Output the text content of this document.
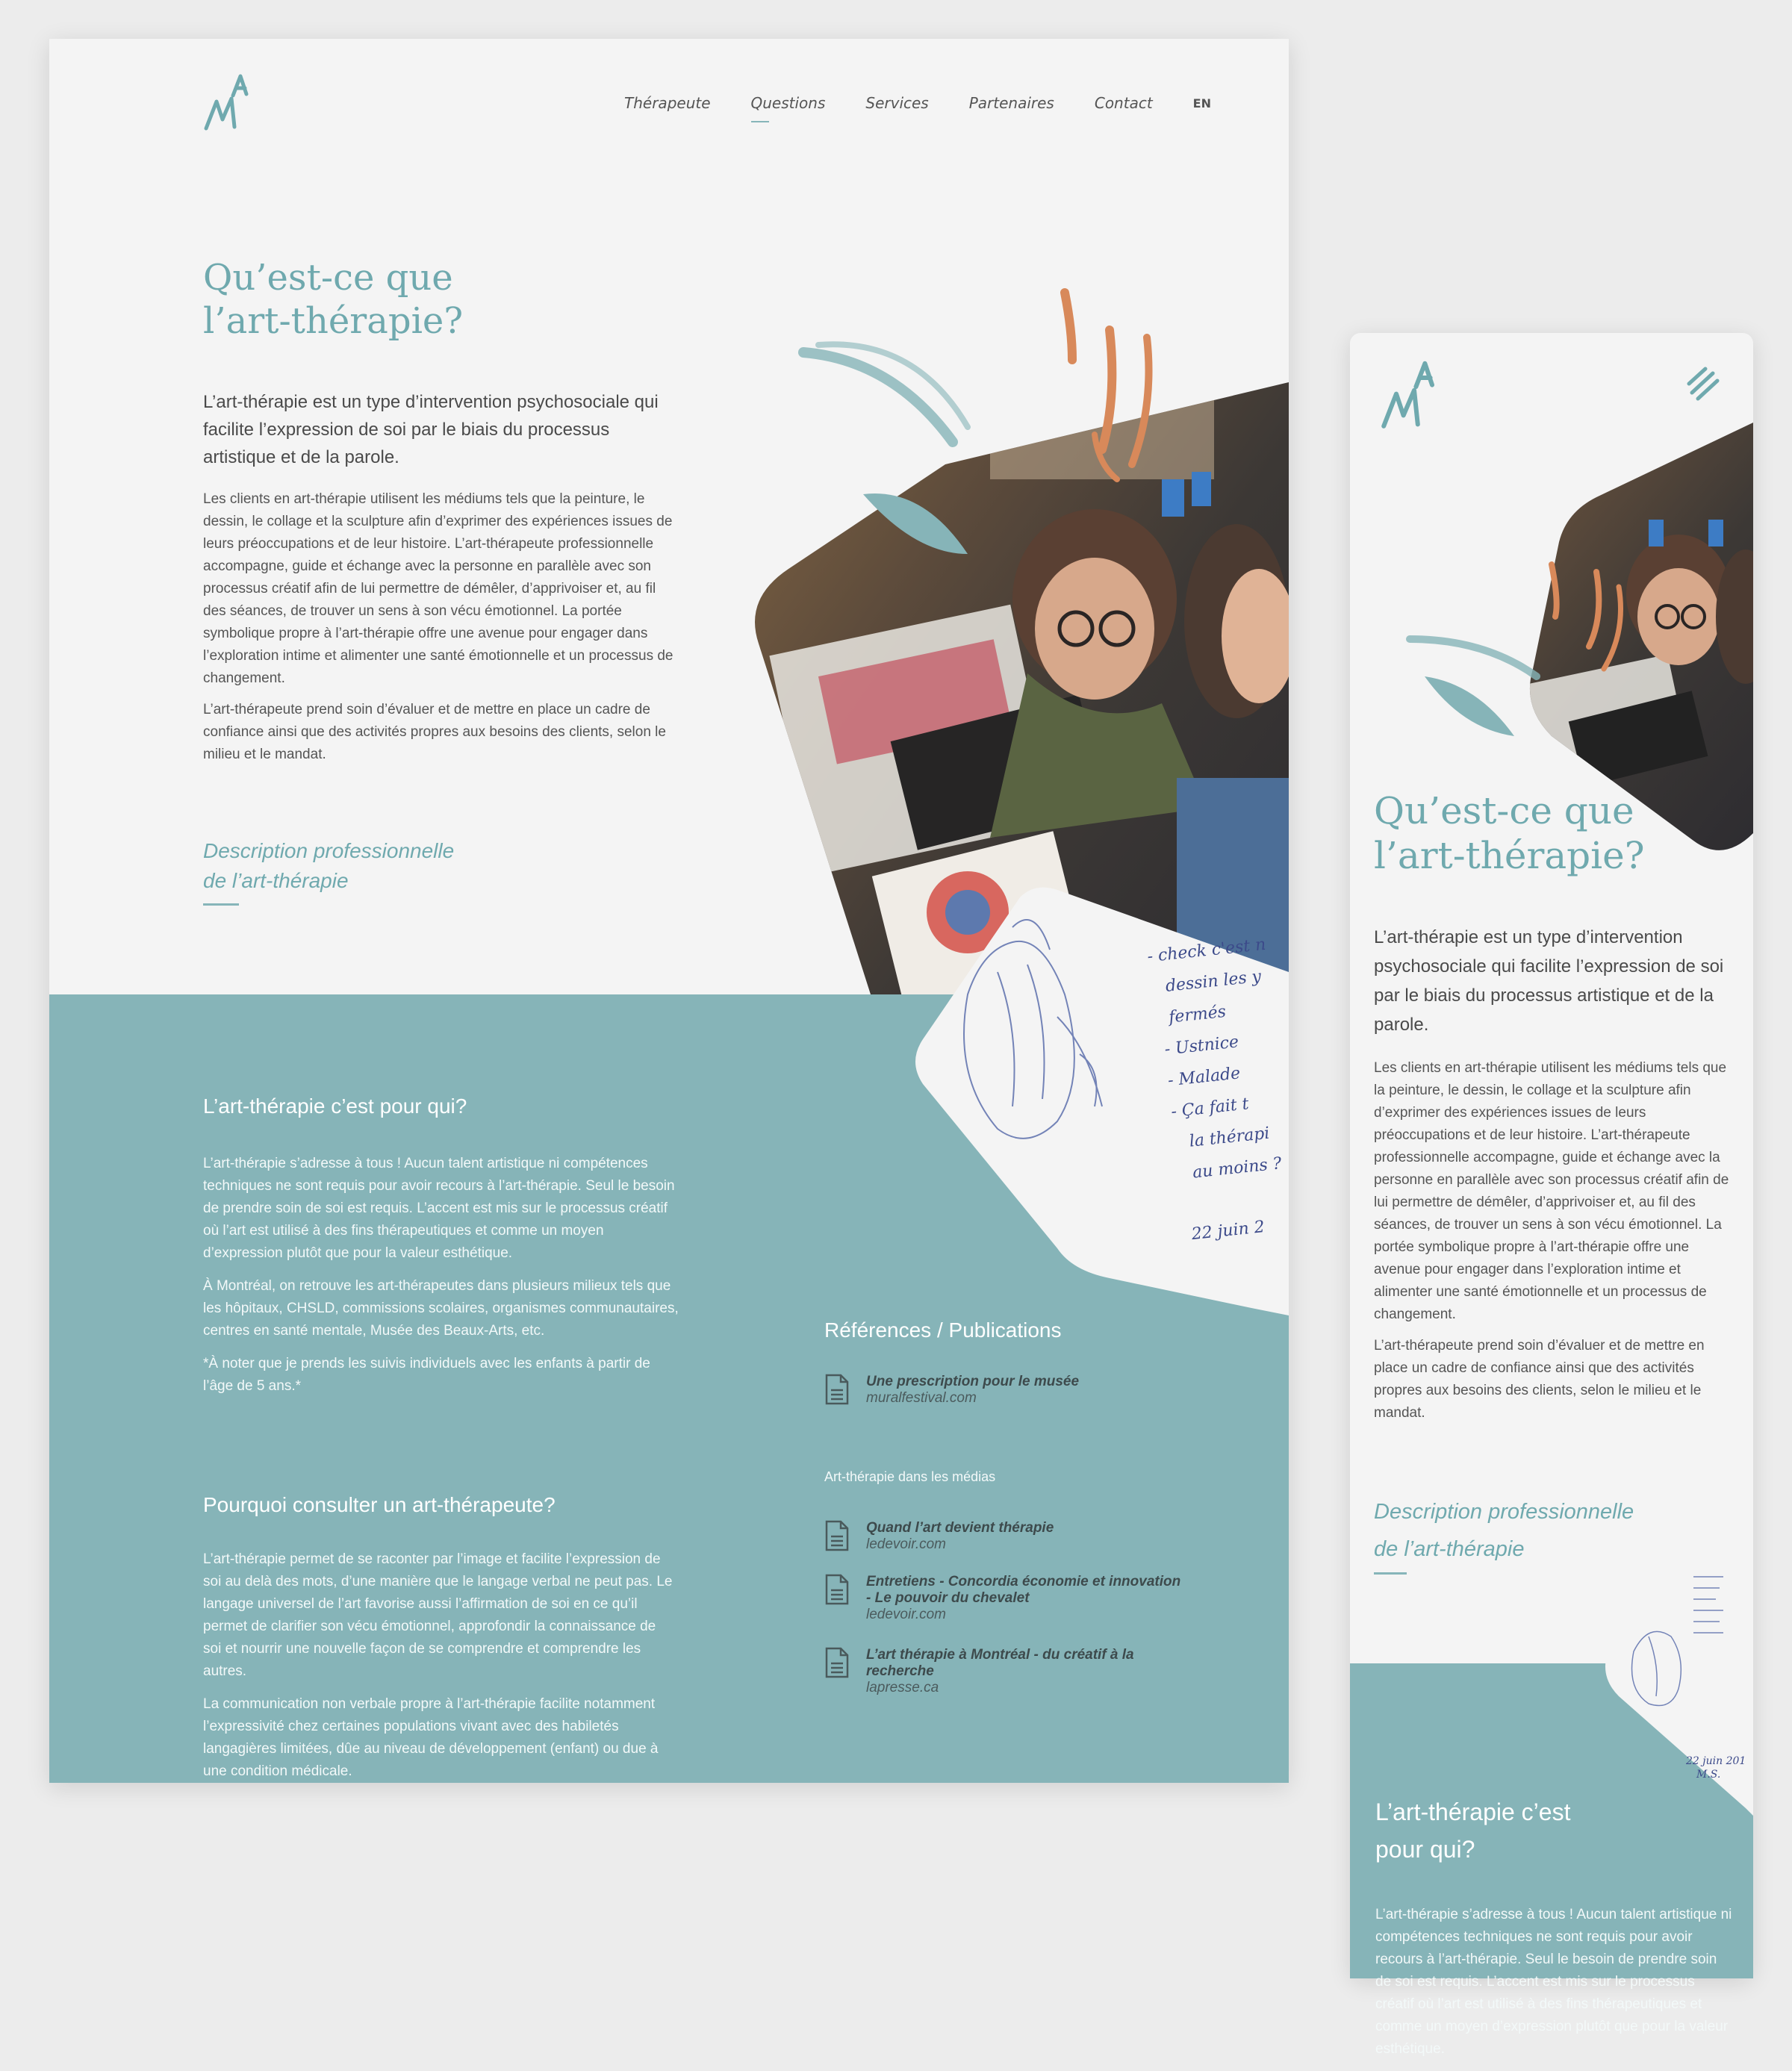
Thérapeute	Questions	Services	Partenaires	Contact	EN
Qu’est-ce que
l’art-thérapie?
L’art-thérapie est un type d’intervention psychosociale qui facilite l’expression de soi par le biais du processus artistique et de la parole.

Les clients en art-thérapie utilisent les médiums tels que la peinture, le dessin, le collage et la sculpture afin d’exprimer des expériences issues de leurs préoccupations et de leur histoire. L’art-thérapeute professionnelle accompagne, guide et échange avec la personne en parallèle avec son processus créatif afin de lui permettre de démêler, d’apprivoiser et, au fil des séances, de trouver un sens à son vécu émotionnel. La portée symbolique propre à l’art-thérapie offre une avenue pour engager dans l’exploration intime et alimenter une santé émotionnelle et un processus de changement.

L’art-thérapeute prend soin d’évaluer et de mettre en place un cadre de confiance ainsi que des activités propres aux besoins des clients, selon le milieu et le mandat.

Description professionnelle
de l’art-thérapie
- check c'est n
dessin les y
fermés
- Ustnice
- Malade
- Ça fait t
la thérapi
au moins ?
22 juin 2
L’art-thérapie c’est pour qui?

L’art-thérapie s’adresse à tous ! Aucun talent artistique ni compétences techniques ne sont requis pour avoir recours à l’art-thérapie. Seul le besoin de prendre soin de soi est requis. L’accent est mis sur le processus créatif où l’art est utilisé à des fins thérapeutiques et comme un moyen d’expression plutôt que pour la valeur esthétique.

À Montréal, on retrouve les art-thérapeutes dans plusieurs milieux tels que les hôpitaux, CHSLD, commissions scolaires, organismes communautaires, centres en santé mentale, Musée des Beaux-Arts, etc.

*À noter que je prends les suivis individuels avec les enfants à partir de l’âge de 5 ans.*

Pourquoi consulter un art-thérapeute?

L’art-thérapie permet de se raconter par l’image et facilite l’expression de soi au delà des mots, d’une manière que le langage verbal ne peut pas. Le langage universel de l’art favorise aussi l’affirmation de soi en ce qu’il permet de clarifier son vécu émotionnel, approfondir la connaissance de soi et nourrir une nouvelle façon de se comprendre et comprendre les autres.

La communication non verbale propre à l’art-thérapie facilite notamment l’expressivité chez certaines populations vivant avec des habiletés langagières limitées, dûe au niveau de développement (enfant) ou due à une condition médicale.

Références / Publications
Une prescription pour le musée
muralfestival.com
Art-thérapie dans les médias
Quand l’art devient thérapie
ledevoir.com
Entretiens - Concordia économie et innovation
- Le pouvoir du chevalet
ledevoir.com
L’art thérapie à Montréal - du créatif à la
recherche
lapresse.ca
Qu’est-ce que
l’art-thérapie?
L’art-thérapie est un type d’intervention psychosociale qui facilite l’expression de soi par le biais du processus artistique et de la parole.

Les clients en art-thérapie utilisent les médiums tels que la peinture, le dessin, le collage et la sculpture afin d’exprimer des expériences issues de leurs préoccupations et de leur histoire. L’art-thérapeute professionnelle accompagne, guide et échange avec la personne en parallèle avec son processus créatif afin de lui permettre de démêler, d’apprivoiser et, au fil des séances, de trouver un sens à son vécu émotionnel. La portée symbolique propre à l’art-thérapie offre une avenue pour engager dans l’exploration intime et alimenter une santé émotionnelle et un processus de changement.

L’art-thérapeute prend soin d’évaluer et de mettre en place un cadre de confiance ainsi que des activités propres aux besoins des clients, selon le milieu et le mandat.

Description professionnelle
de l’art-thérapie
22 juin 201
M.S.
L’art-thérapie c’est
pour qui?

L’art-thérapie s’adresse à tous ! Aucun talent artistique ni compétences techniques ne sont requis pour avoir recours à l’art-thérapie. Seul le besoin de prendre soin de soi est requis. L’accent est mis sur le processus créatif où l’art est utilisé à des fins thérapeutiques et comme un moyen d’expression plutôt que pour la valeur esthétique.
